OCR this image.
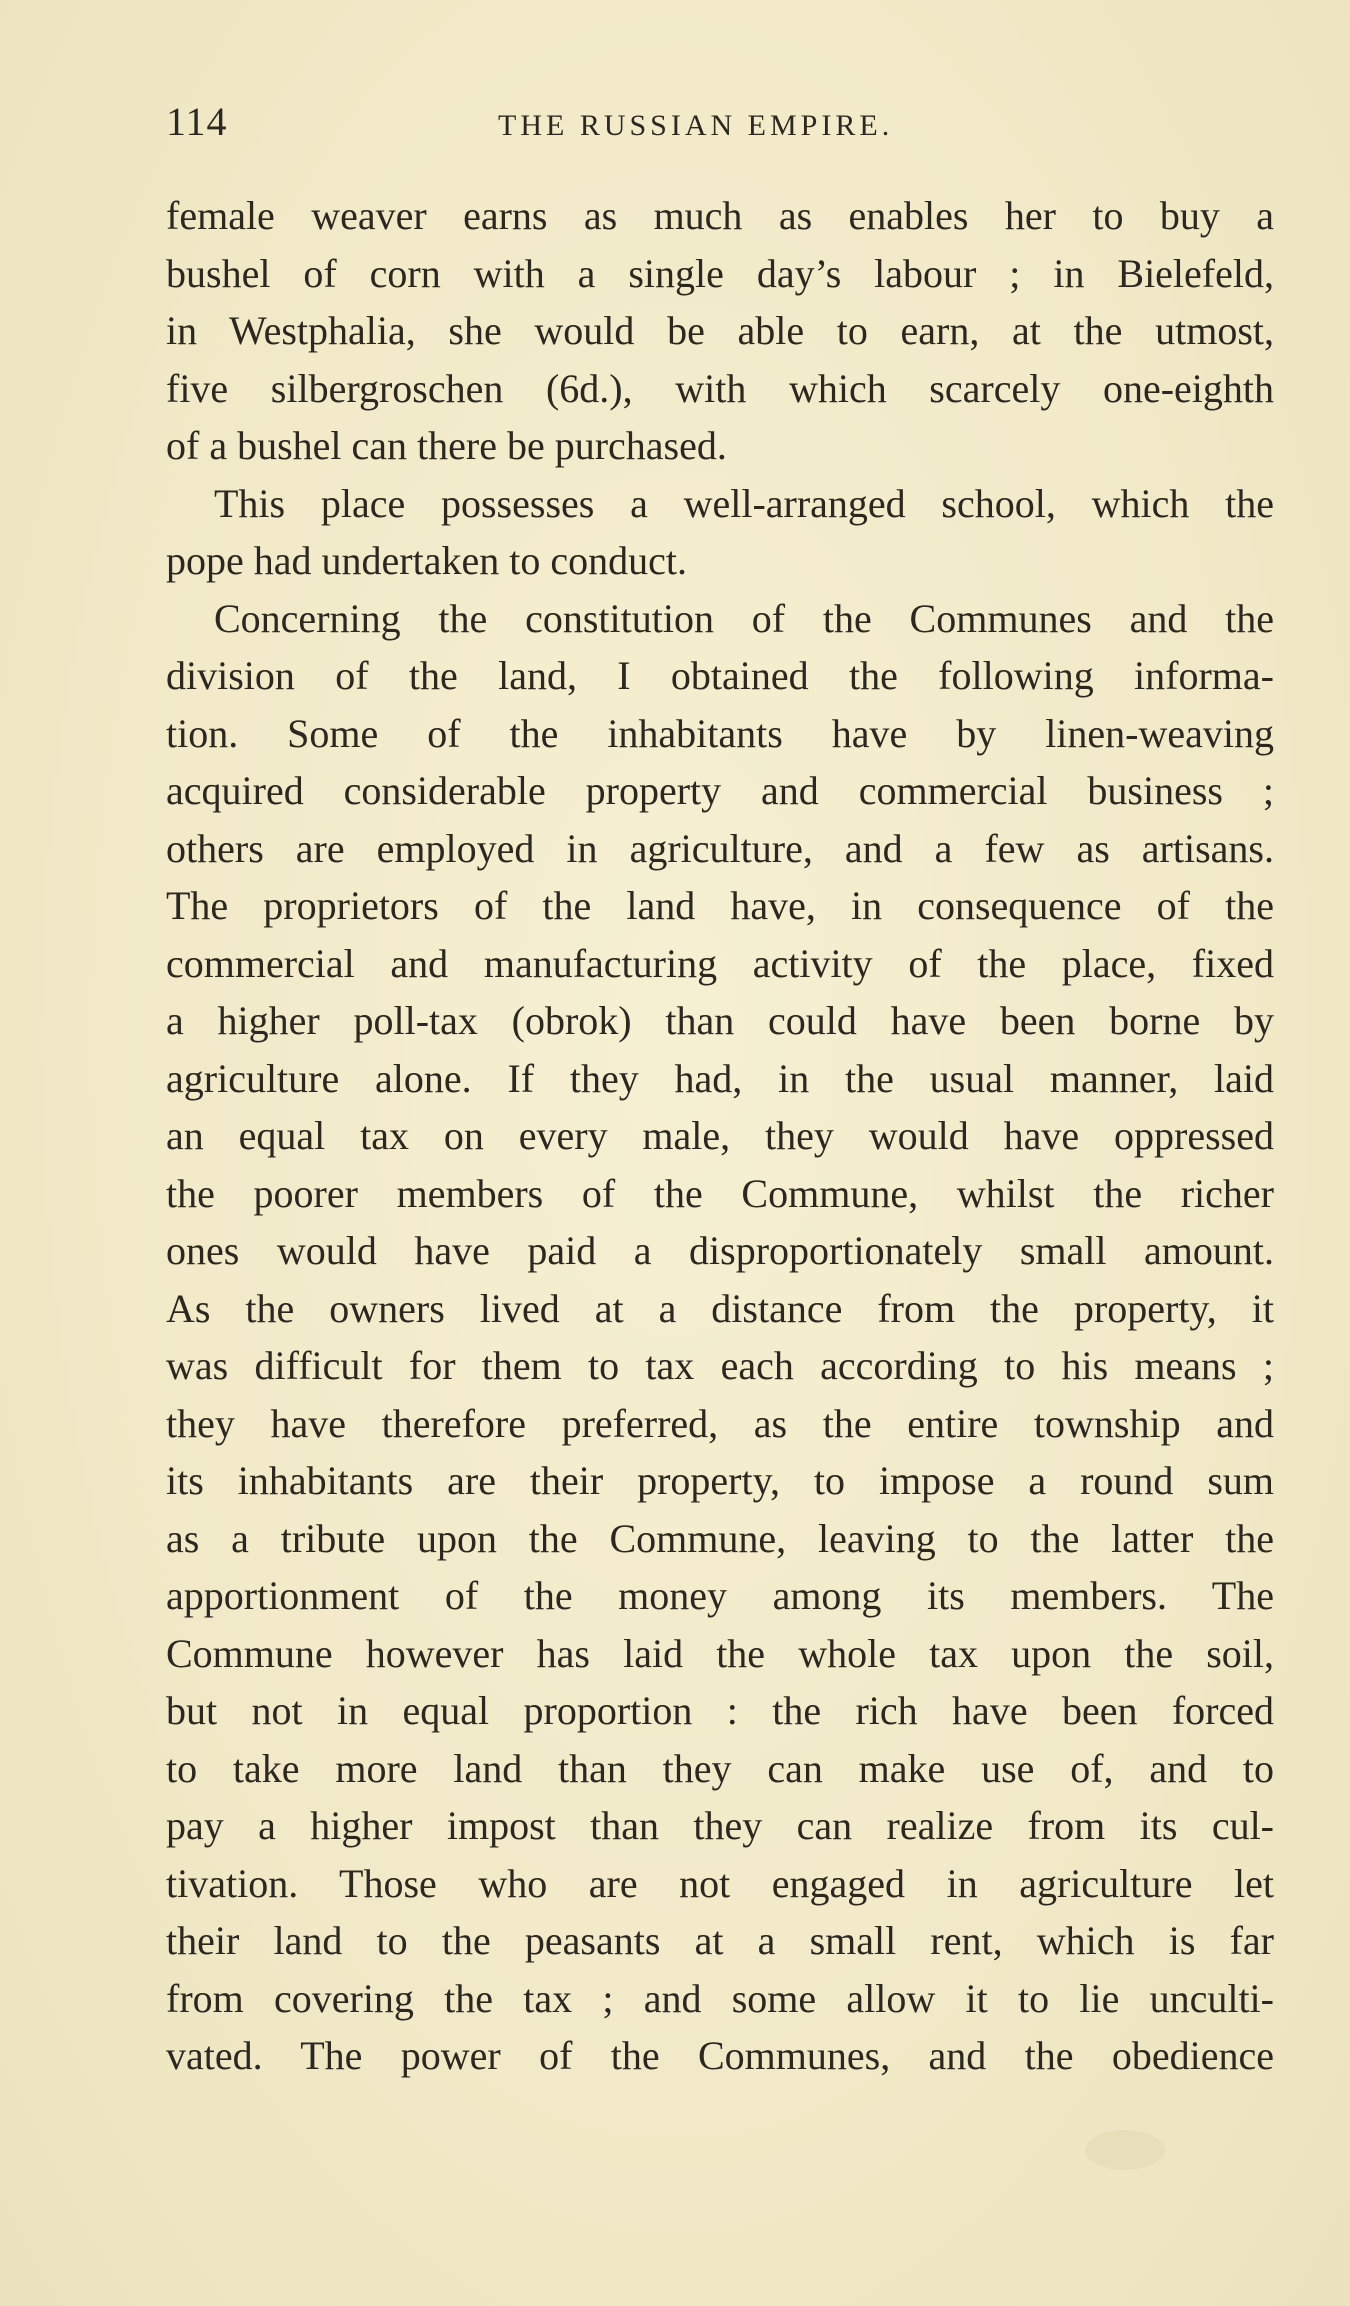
114	THE RUSSIAN EMPIRE.
female weaver earns as much as enables her to buy a
bushel of corn with a single day’s labour ; in Bielefeld,
in Westphalia, she would be able to earn, at the utmost,
five silbergroschen (6d.), with which scarcely one-eighth
of a bushel can there be purchased.
This place possesses a well-arranged school, which the
pope had undertaken to conduct.
Concerning the constitution of the Communes and the
division of the land, I obtained the following informa-
tion. Some of the inhabitants have by linen-weaving
acquired considerable property and commercial business ;
others are employed in agriculture, and a few as artisans.
The proprietors of the land have, in consequence of the
commercial and manufacturing activity of the place, fixed
a higher poll-tax (obrok) than could have been borne by
agriculture alone. If they had, in the usual manner, laid
an equal tax on every male, they would have oppressed
the poorer members of the Commune, whilst the richer
ones would have paid a disproportionately small amount.
As the owners lived at a distance from the property, it
was difficult for them to tax each according to his means ;
they have therefore preferred, as the entire township and
its inhabitants are their property, to impose a round sum
as a tribute upon the Commune, leaving to the latter the
apportionment of the money among its members. The
Commune however has laid the whole tax upon the soil,
but not in equal proportion : the rich have been forced
to take more land than they can make use of, and to
pay a higher impost than they can realize from its cul-
tivation. Those who are not engaged in agriculture let
their land to the peasants at a small rent, which is far
from covering the tax ; and some allow it to lie unculti-
vated. The power of the Communes, and the obedience
